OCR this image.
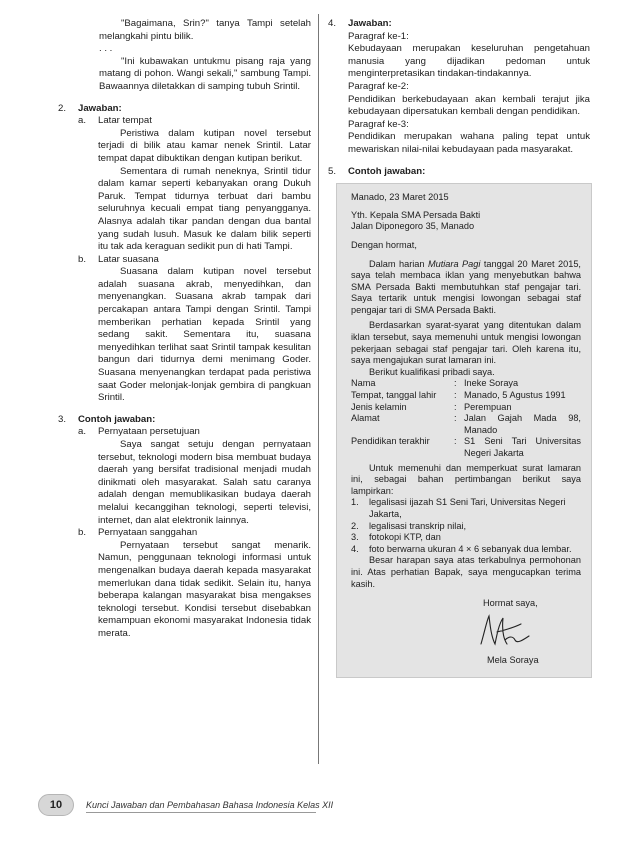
"Bagaimana, Srin?" tanya Tampi setelah melangkahi pintu bilik.

. . .

"Ini kubawakan untukmu pisang raja yang matang di pohon. Wangi sekali," sambung Tampi. Bawaannya diletakkan di samping tubuh Srintil.

2. Jawaban:

a. Latar tempat

Peristiwa dalam kutipan novel tersebut terjadi di bilik atau kamar nenek Srintil. Latar tempat dapat dibuktikan dengan kutipan berikut.

Sementara di rumah neneknya, Srintil tidur dalam kamar seperti kebanyakan orang Dukuh Paruk. Tempat tidurnya terbuat dari bambu seluruhnya kecuali empat tiang penyangganya. Alasnya adalah tikar pandan dengan dua bantal yang sudah lusuh. Masuk ke dalam bilik seperti itu tak ada keraguan sedikit pun di hati Tampi.

b. Latar suasana

Suasana dalam kutipan novel tersebut adalah suasana akrab, menyedihkan, dan menyenangkan. Suasana akrab tampak dari percakapan antara Tampi dengan Srintil. Tampi memberikan perhatian kepada Srintil yang sedang sakit. Sementara itu, suasana menyedihkan terlihat saat Srintil tampak kesulitan bangun dari tidurnya demi menimang Goder. Suasana menyenangkan terdapat pada peristiwa saat Goder melonjak-lonjak gembira di pangkuan Srintil.

3. Contoh jawaban:

a. Pernyataan persetujuan

Saya sangat setuju dengan pernyataan tersebut, teknologi modern bisa membuat budaya daerah yang bersifat tradisional menjadi mudah dinikmati oleh masyarakat. Salah satu caranya adalah dengan memublikasikan budaya daerah melalui kecanggihan teknologi, seperti televisi, internet, dan alat elektronik lainnya.

b. Pernyataan sanggahan

Pernyataan tersebut sangat menarik. Namun, penggunaan teknologi informasi untuk mengenalkan budaya daerah kepada masyarakat memerlukan dana tidak sedikit. Selain itu, hanya beberapa kalangan masyarakat bisa mengakses teknologi tersebut. Kondisi tersebut disebabkan kemampuan ekonomi masyarakat Indonesia tidak merata.

4. Jawaban:

Paragraf ke-1:

Kebudayaan merupakan keseluruhan pengetahuan manusia yang dijadikan pedoman untuk menginterpretasikan tindakan-tindakannya.

Paragraf ke-2:

Pendidikan berkebudayaan akan kembali terajut jika kebudayaan dipersatukan kembali dengan pendidikan.

Paragraf ke-3:

Pendidikan merupakan wahana paling tepat untuk mewariskan nilai-nilai kebudayaan pada masyarakat.

5. Contoh jawaban:

Manado, 23 Maret 2015

Yth. Kepala SMA Persada Bakti

Jalan Diponegoro 35, Manado

Dengan hormat,

Dalam harian Mutiara Pagi tanggal 20 Maret 2015, saya telah membaca iklan yang menyebutkan bahwa SMA Persada Bakti membutuhkan staf pengajar tari. Saya tertarik untuk mengisi lowongan sebagai staf pengajar tari di SMA Persada Bakti.

Berdasarkan syarat-syarat yang ditentukan dalam iklan tersebut, saya memenuhi untuk mengisi lowongan pekerjaan sebagai staf pengajar tari. Oleh karena itu, saya mengajukan surat lamaran ini.

Berikut kualifikasi pribadi saya.

Nama	: Ineke Soraya
Tempat, tanggal lahir	: Manado, 5 Agustus 1991
Jenis kelamin	: Perempuan
Alamat	: Jalan Gajah Mada 98, Manado
Pendidikan terakhir	: S1 Seni Tari Universitas Negeri Jakarta

Untuk memenuhi dan memperkuat surat lamaran ini, sebagai bahan pertimbangan berikut saya lampirkan:

1. legalisasi ijazah S1 Seni Tari, Universitas Negeri Jakarta,
2. legalisasi transkrip nilai,
3. fotokopi KTP, dan
4. foto berwarna ukuran 4 × 6 sebanyak dua lembar.

Besar harapan saya atas terkabulnya permohonan ini. Atas perhatian Bapak, saya mengucapkan terima kasih.

Hormat saya,

Mela Soraya

10	Kunci Jawaban dan Pembahasan Bahasa Indonesia Kelas XII
